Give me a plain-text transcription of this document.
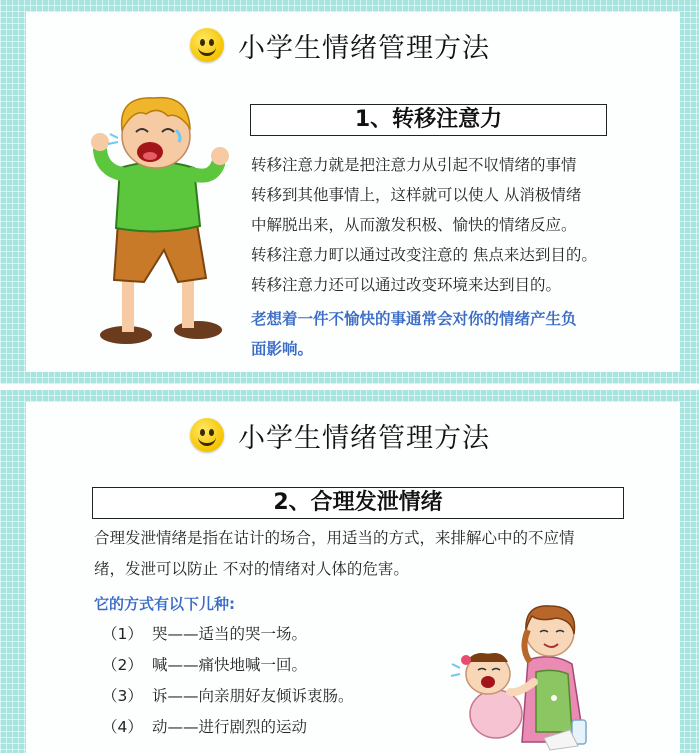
小学生情绪管理方法
1、转移注意力
转移注意力就是把注意力从引起不収情绪的事情
转移到其他事情上，这样就可以使人 从消极情绪
中解脱出来，从而激发积极、愉快的情绪反应。
转移注意力町以通过改变注意的 焦点来达到目的。
转移注意力还可以通过改变环境来达到目的。
老想着一件不愉快的事通常会对你的情绪产生负
面影响。
小学生情绪管理方法
2、合理发泄情绪
合理发泄情绪是指在诂计的场合，用适当的方式，来排解心中的不应情
绪，发泄可以防止 不对的情绪对人体的危害。
它的方式有以下儿种:
（1） 哭——适当的哭一场。
（2） 喊——痛快地喊一回。
（3） 诉——向亲朋好友倾诉衷肠。
（4） 动——进行剧烈的运动
